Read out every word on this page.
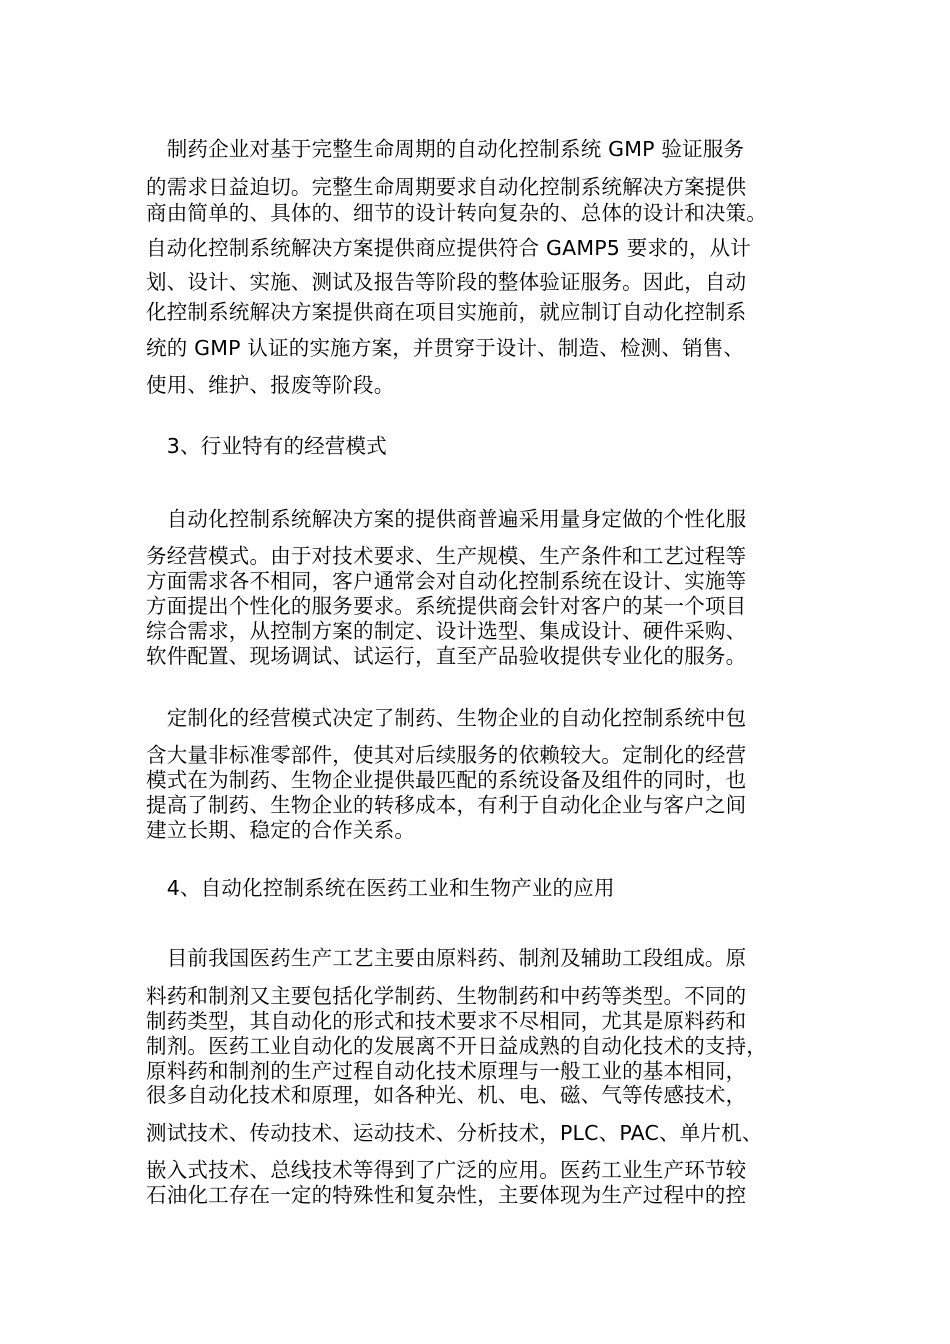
　制药企业对基于完整生命周期的自动化控制系统 GMP 验证服务
的需求日益迫切。完整生命周期要求自动化控制系统解决方案提供
商由简单的、具体的、细节的设计转向复杂的、总体的设计和决策。
自动化控制系统解决方案提供商应提供符合 GAMP5 要求的，从计
划、设计、实施、测试及报告等阶段的整体验证服务。因此，自动
化控制系统解决方案提供商在项目实施前，就应制订自动化控制系
统的 GMP 认证的实施方案，并贯穿于设计、制造、检测、销售、
使用、维护、报废等阶段。
　3、行业特有的经营模式
　自动化控制系统解决方案的提供商普遍采用量身定做的个性化服
务经营模式。由于对技术要求、生产规模、生产条件和工艺过程等
方面需求各不相同，客户通常会对自动化控制系统在设计、实施等
方面提出个性化的服务要求。系统提供商会针对客户的某一个项目
综合需求，从控制方案的制定、设计选型、集成设计、硬件采购、
软件配置、现场调试、试运行，直至产品验收提供专业化的服务。
　定制化的经营模式决定了制药、生物企业的自动化控制系统中包
含大量非标准零部件，使其对后续服务的依赖较大。定制化的经营
模式在为制药、生物企业提供最匹配的系统设备及组件的同时，也
提高了制药、生物企业的转移成本，有利于自动化企业与客户之间
建立长期、稳定的合作关系。
　4、自动化控制系统在医药工业和生物产业的应用
　目前我国医药生产工艺主要由原料药、制剂及辅助工段组成。原
料药和制剂又主要包括化学制药、生物制药和中药等类型。不同的
制药类型，其自动化的形式和技术要求不尽相同，尤其是原料药和
制剂。医药工业自动化的发展离不开日益成熟的自动化技术的支持，
原料药和制剂的生产过程自动化技术原理与一般工业的基本相同，
很多自动化技术和原理，如各种光、机、电、磁、气等传感技术，
测试技术、传动技术、运动技术、分析技术，PLC、PAC、单片机、
嵌入式技术、总线技术等得到了广泛的应用。医药工业生产环节较
石油化工存在一定的特殊性和复杂性，主要体现为生产过程中的控
